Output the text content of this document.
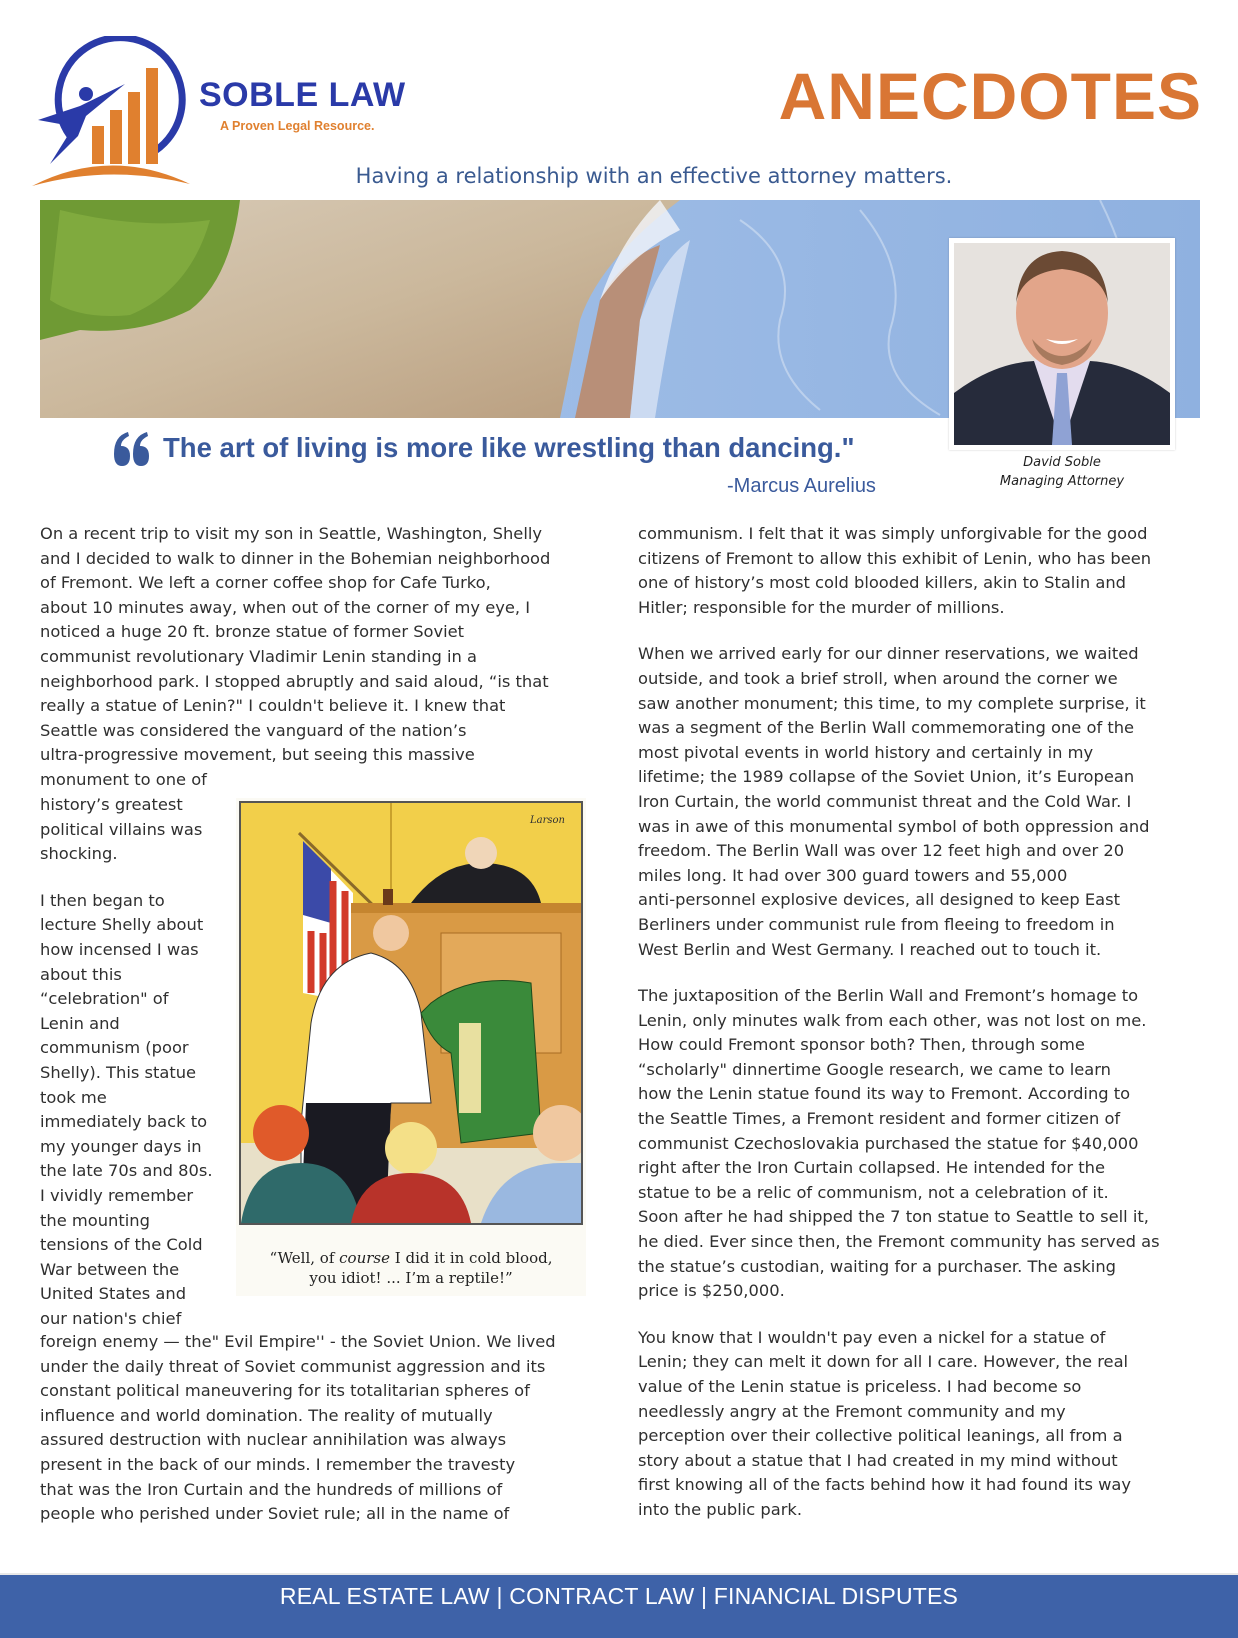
SOBLE LAW
A Proven Legal Resource.	ANECDOTES
Having a relationship with an effective attorney matters.
David Soble
Managing Attorney
The art of living is more like wrestling than dancing."
-Marcus Aurelius
On a recent trip to visit my son in Seattle, Washington, Shelly
and I decided to walk to dinner in the Bohemian neighborhood
of Fremont. We left a corner coffee shop for Cafe Turko,
about 10 minutes away, when out of the corner of my eye, I
noticed a huge 20 ft. bronze statue of former Soviet
communist revolutionary Vladimir Lenin standing in a
neighborhood park. I stopped abruptly and said aloud, “is that
really a statue of Lenin?" I couldn't believe it. I knew that
Seattle was considered the vanguard of the nation’s
ultra-progressive movement, but seeing this massive
monument to one of
history’s greatest
political villains was
shocking.
I then began to
lecture Shelly about
how incensed I was
about this
“celebration" of
Lenin and
communism (poor
Shelly). This statue
took me
immediately back to
my younger days in
the late 70s and 80s.
I vividly remember
the mounting
tensions of the Cold
War between the
United States and
our nation's chief
foreign enemy — the" Evil Empire'' - the Soviet Union. We lived
under the daily threat of Soviet communist aggression and its
constant political maneuvering for its totalitarian spheres of
influence and world domination. The reality of mutually
assured destruction with nuclear annihilation was always
present in the back of our minds. I remember the travesty
that was the Iron Curtain and the hundreds of millions of
people who perished under Soviet rule; all in the name of
Larson
“Well, of course I did it in cold blood,
you idiot! ... I’m a reptile!”
communism. I felt that it was simply unforgivable for the good
citizens of Fremont to allow this exhibit of Lenin, who has been
one of history’s most cold blooded killers, akin to Stalin and
Hitler; responsible for the murder of millions.
When we arrived early for our dinner reservations, we waited
outside, and took a brief stroll, when around the corner we
saw another monument; this time, to my complete surprise, it
was a segment of the Berlin Wall commemorating one of the
most pivotal events in world history and certainly in my
lifetime; the 1989 collapse of the Soviet Union, it’s European
Iron Curtain, the world communist threat and the Cold War. I
was in awe of this monumental symbol of both oppression and
freedom. The Berlin Wall was over 12 feet high and over 20
miles long. It had over 300 guard towers and 55,000
anti-personnel explosive devices, all designed to keep East
Berliners under communist rule from fleeing to freedom in
West Berlin and West Germany. I reached out to touch it.
The juxtaposition of the Berlin Wall and Fremont’s homage to
Lenin, only minutes walk from each other, was not lost on me.
How could Fremont sponsor both? Then, through some
“scholarly" dinnertime Google research, we came to learn
how the Lenin statue found its way to Fremont. According to
the Seattle Times, a Fremont resident and former citizen of
communist Czechoslovakia purchased the statue for $40,000
right after the Iron Curtain collapsed. He intended for the
statue to be a relic of communism, not a celebration of it.
Soon after he had shipped the 7 ton statue to Seattle to sell it,
he died. Ever since then, the Fremont community has served as
the statue’s custodian, waiting for a purchaser. The asking
price is $250,000.
You know that I wouldn't pay even a nickel for a statue of
Lenin; they can melt it down for all I care. However, the real
value of the Lenin statue is priceless. I had become so
needlessly angry at the Fremont community and my
perception over their collective political leanings, all from a
story about a statue that I had created in my mind without
first knowing all of the facts behind how it had found its way
into the public park.
REAL ESTATE LAW | CONTRACT LAW | FINANCIAL DISPUTES
